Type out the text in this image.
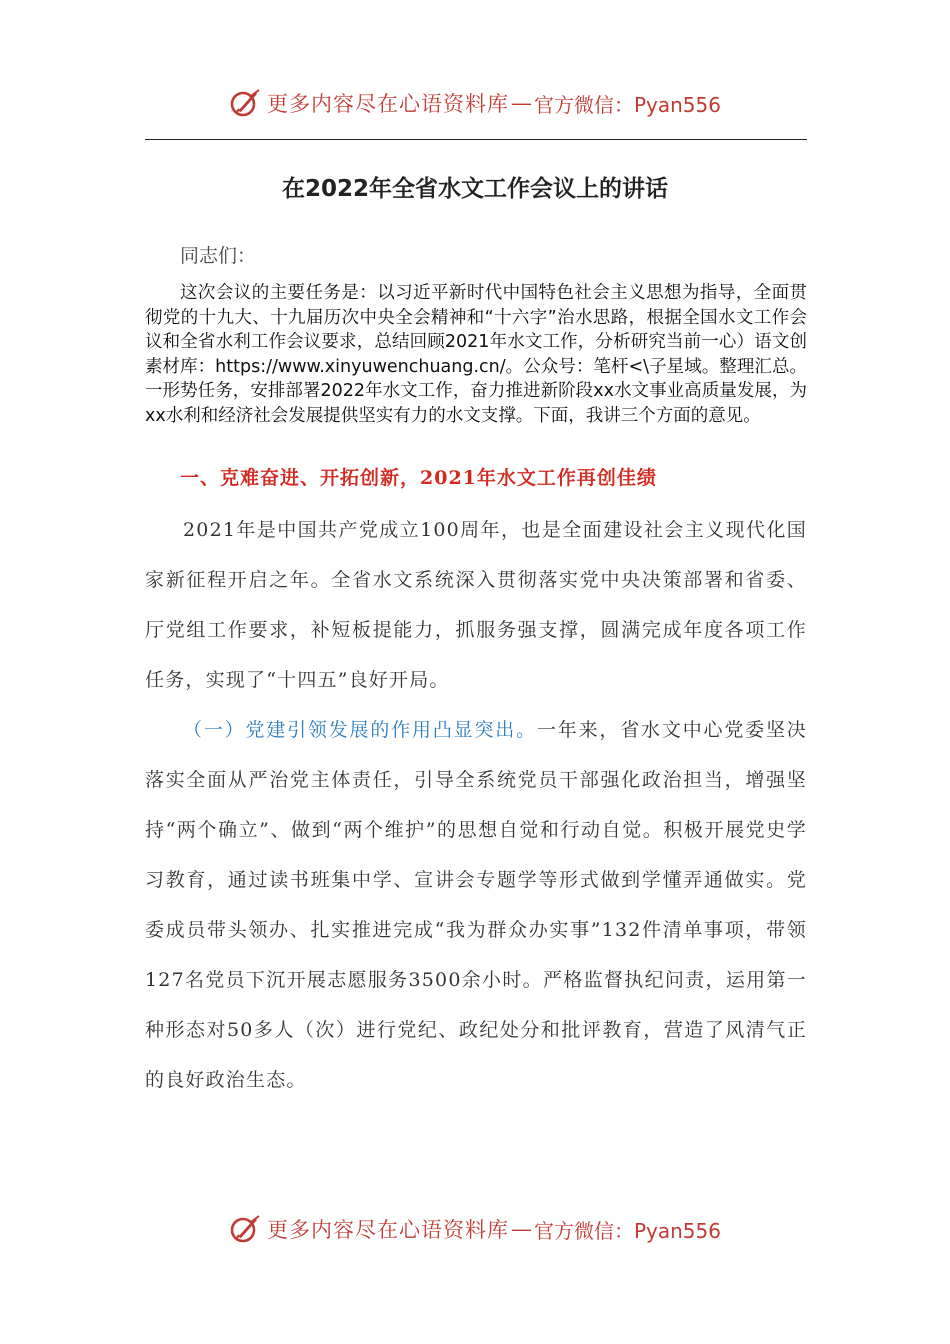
更多内容尽在心语资料库 — 官方微信：Pyan556
在2022年全省水文工作会议上的讲话
同志们：

这次会议的主要任务是：以习近平新时代中国特色社会主义思想为指导，全面贯彻党的十九大、十九届历次中央全会精神和“十六字”治水思路，根据全国水文工作会议和全省水利工作会议要求，总结回顾2021年水文工作，分析研究当前一心）语文创素材库：https://www.xinyuwenchuang.cn/。公众号：笔杆<\子星域。整理汇总。一形势任务，安排部署2022年水文工作，奋力推进新阶段xx水文事业高质量发展，为xx水利和经济社会发展提供坚实有力的水文支撑。下面，我讲三个方面的意见。

一、克难奋进、开拓创新，2021年水文工作再创佳绩

2021年是中国共产党成立100周年，也是全面建设社会主义现代化国家新征程开启之年。全省水文系统深入贯彻落实党中央决策部署和省委、厅党组工作要求，补短板提能力，抓服务强支撑，圆满完成年度各项工作任务，实现了“十四五”良好开局。

（一）党建引领发展的作用凸显突出。一年来，省水文中心党委坚决落实全面从严治党主体责任，引导全系统党员干部强化政治担当，增强坚持“两个确立”、做到“两个维护”的思想自觉和行动自觉。积极开展党史学习教育，通过读书班集中学、宣讲会专题学等形式做到学懂弄通做实。党委成员带头领办、扎实推进完成“我为群众办实事”132件清单事项，带领127名党员下沉开展志愿服务3500余小时。严格监督执纪问责，运用第一种形态对50多人（次）进行党纪、政纪处分和批评教育，营造了风清气正的良好政治生态。

更多内容尽在心语资料库 — 官方微信：Pyan556
